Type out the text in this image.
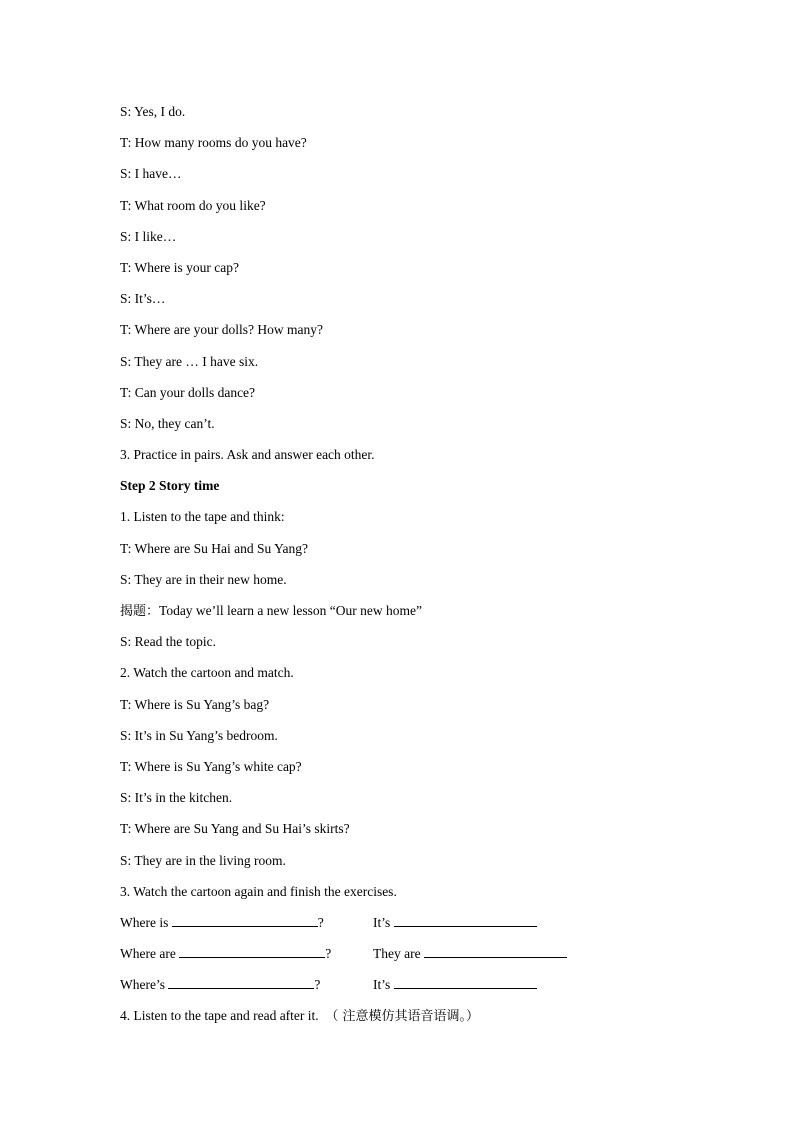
S: Yes, I do.
T: How many rooms do you have?
S: I have…
T: What room do you like?
S: I like…
T: Where is your cap?
S: It’s…
T: Where are your dolls? How many?
S: They are … I have six.
T: Can your dolls dance?
S: No, they can’t.
3. Practice in pairs. Ask and answer each other.
Step 2 Story time
1. Listen to the tape and think:
T: Where are Su Hai and Su Yang?
S: They are in their new home.
揭题：Today we’ll learn a new lesson “Our new home”
S: Read the topic.
2. Watch the cartoon and match.
T: Where is Su Yang’s bag?
S: It’s in Su Yang’s bedroom.
T: Where is Su Yang’s white cap?
S: It’s in the kitchen.
T: Where are Su Yang and Su Hai’s skirts?
S: They are in the living room.
3. Watch the cartoon again and finish the exercises.
Where is	?	It’s
Where are	?	They are
Where’s	?	It’s
4. Listen to the tape and read after it. （ 注意模仿其语音语调。）
